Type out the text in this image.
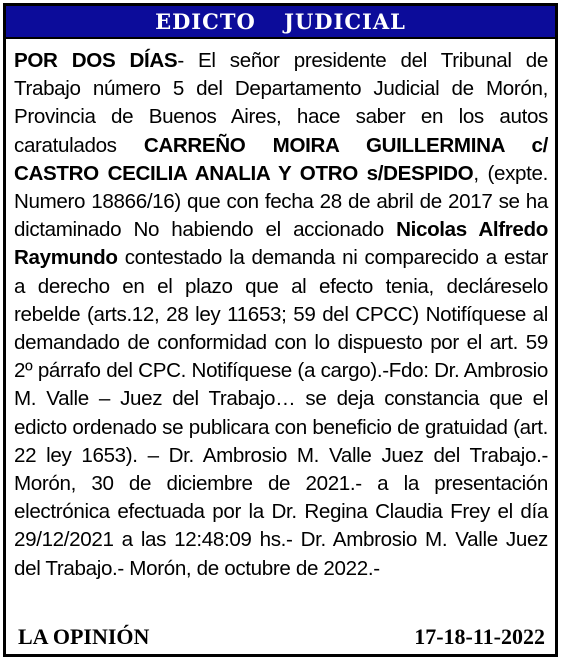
EDICTO JUDICIAL
POR DOS DÍAS- El señor presidente del Tribunal de Trabajo número 5 del Departamento Judicial de Morón, Provincia de Buenos Aires, hace saber en los autos caratulados CARREÑO MOIRA GUILLERMINA c/ CASTRO CECILIA ANALIA Y OTRO s/DESPIDO, (expte. Numero 18866/16) que con fecha 28 de abril de 2017 se ha dictaminado No habiendo el accionado Nicolas Alfredo Raymundo contestado la demanda ni comparecido a estar a derecho en el plazo que al efecto tenia, decláreselo rebelde (arts.12, 28 ley 11653; 59 del CPCC) Notifíquese al demandado de conformidad con lo dispuesto por el art. 59 2º párrafo del CPC. Notifíquese (a cargo).-Fdo: Dr. Ambrosio M. Valle – Juez del Trabajo… se deja constancia que el edicto ordenado se publicara con beneficio de gratuidad (art. 22 ley 1653). – Dr. Ambrosio M. Valle Juez del Trabajo.- Morón, 30 de diciembre de 2021.- a la presentación electrónica efectuada por la Dr. Regina Claudia Frey el día 29/12/2021 a las 12:48:09 hs.- Dr. Ambrosio M. Valle Juez del Trabajo.- Morón, de octubre de 2022.-
LA OPINIÓN	17-18-11-2022
